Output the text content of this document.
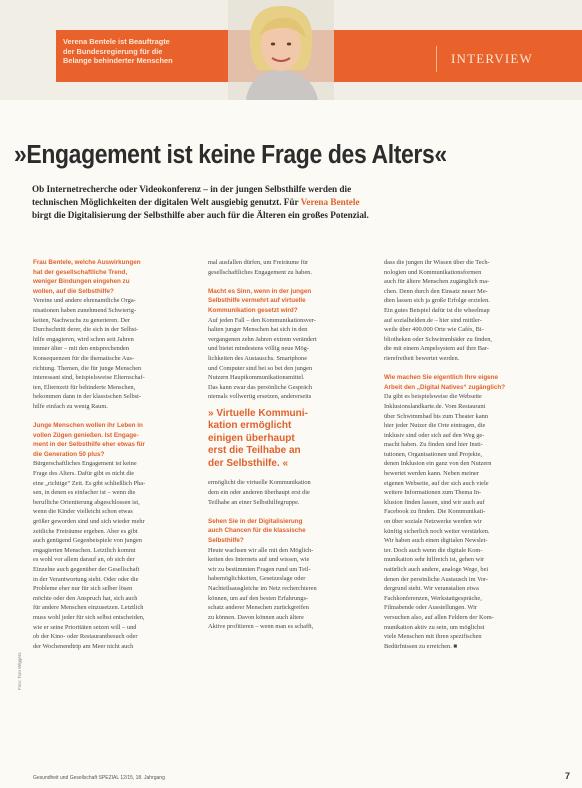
Verena Bentele ist Beauftragte
der Bundesregierung für die
Belange behinderter Menschen	INTERVIEW
»Engagement ist keine Frage des Alters«
Ob Internetrecherche oder Videokonferenz – in der jungen Selbsthilfe werden die
technischen Möglichkeiten der digitalen Welt ausgiebig genutzt. Für Verena Bentele
birgt die Digitalisierung der Selbsthilfe aber auch für die Älteren ein großes Potenzial.
Frau Bentele, welche Auswirkungen
hat der gesellschaftliche Trend,
weniger Bindungen eingehen zu
wollen, auf die Selbsthilfe?
Vereine und andere ehrenamtliche Orga-
nisationen haben zunehmend Schwierig-
keiten, Nachwuchs zu generieren. Der
Durchschnitt derer, die sich in der Selbst-
hilfe engagieren, wird schon seit Jahren
immer älter – mit den entsprechenden
Konsequenzen für die thematische Aus-
richtung. Themen, die für junge Menschen
interessant sind, beispielsweise Elternschaf-
ten, Elternzeit für behinderte Menschen,
bekommen dann in der klassischen Selbst-
hilfe einfach zu wenig Raum.
Junge Menschen wollen ihr Leben in
vollen Zügen genießen. Ist Engage-
ment in der Selbsthilfe eher etwas für
die Generation 50 plus?
Bürgerschaftliches Engagement ist keine
Frage des Alters. Dafür gibt es nicht die
eine „richtige“ Zeit. Es gibt schließlich Pha-
sen, in denen es einfacher ist – wenn die
berufliche Orientierung abgeschlossen ist,
wenn die Kinder vielleicht schon etwas
größer geworden sind und sich wieder mehr
zeitliche Freiräume ergeben. Aber es gibt
auch genügend Gegenbeispiele von jungen
engagierten Menschen. Letztlich kommt
es wohl vor allem darauf an, ob sich der
Einzelne auch gegenüber der Gesellschaft
in der Verantwortung sieht. Oder oder die
Probleme eher nur für sich selber lösen
möchte oder den Anspruch hat, sich auch
für andere Menschen einzusetzen. Letztlich
muss wohl jeder für sich selbst entscheiden,
wie er seine Prioritäten setzen will – und
ob der Kino- oder Restaurantbesuch oder
der Wochenendtrip am Meer nicht auch
mal ausfallen dürfen, um Freiräume für
gesellschaftliches Engagement zu haben.
Macht es Sinn, wenn in der jungen
Selbsthilfe vermehrt auf virtuelle
Kommunikation gesetzt wird?
Auf jeden Fall – den Kommunikationsver-
halten junger Menschen hat sich in den
vergangenen zehn Jahren extrem verändert
und bietet mindestens völlig neue Mög-
lichkeiten des Austauschs. Smartphone
und Computer sind bei so bei den jungen
Nutzern Hauptkommunikationsmittel.
Das kann zwar das persönliche Gespräch
niemals vollwertig ersetzen, andererseits
» Virtuelle Kommuni-
kation ermöglicht
einigen überhaupt
erst die Teilhabe an
der Selbsthilfe. «
ermöglicht die virtuelle Kommunikation
dem ein oder anderen überhaupt erst die
Teilhabe an einer Selbsthilfegruppe.
Sehen Sie in der Digitalisierung
auch Chancen für die klassische
Selbsthilfe?
Heute wachsen wir alle mit den Möglich-
keiten des Internets auf und wissen, wie
wir zu bestimmten Fragen rund um Teil-
habemöglichkeiten, Gesetzeslage oder
Nachteilsausgleiche im Netz recherchieren
können, um auf den besten Erfahrungs-
schatz anderer Menschen zurückgreifen
zu können. Davon können auch ältere
Aktive profitieren – wenn man es schafft,
dass die jungen ihr Wissen über die Tech-
nologien und Kommunikationsformen
auch für ältere Menschen zugänglich ma-
chen. Denn durch den Einsatz neuer Me-
dien lassen sich ja große Erfolge erzielen.
Ein gutes Beispiel dafür ist die wheelmap
auf sozialhelden.de – hier sind mittler-
weile über 400.000 Orte wie Cafés, Bi-
bliotheken oder Schwimmbäder zu finden,
die mit einem Ampelsystem auf ihre Bar-
rierefreiheit bewertet werden.
Wie machen Sie eigentlich Ihre eigene
Arbeit den „Digital Natives“ zugänglich?
Da gibt es beispielsweise die Webseite
Inklusionslandkarte.de. Vom Restaurant
über Schwimmbad bis zum Theater kann
hier jeder Nutzer die Orte eintragen, die
inklusiv sind oder sich auf den Weg ge-
macht haben. Zu finden sind hier Insti-
tutionen, Organisationen und Projekte,
denen Inklusion ein ganz von den Nutzern
bewertet werden kann. Neben meiner
eigenen Webseite, auf der sich auch viele
weitere Informationen zum Thema In-
klusion finden lassen, sind wir auch auf
Facebook zu finden. Die Kommunikati-
on über soziale Netzwerke werden wir
künftig sicherlich noch weiter verstärken.
Wir haben auch einen digitalen Newslet-
ter. Doch auch wenn die digitale Kom-
munikation sehr hilfreich ist, gehen wir
natürlich auch andere, analoge Wege, bei
denen der persönliche Austausch im Vor-
dergrund steht. Wir veranstalten etwa
Fachkonferenzen, Werkstattgespräche,
Filmabende oder Ausstellungen. Wir
versuchen also, auf allen Feldern der Kom-
munikation aktiv zu sein, um möglichst
viele Menschen mit ihren spezifischen
Bedürfnissen zu erreichen. ■
Foto: Tom Wiggers
Gesundheit und Gesellschaft SPEZIAL 12/15, 18. Jahrgang	7
